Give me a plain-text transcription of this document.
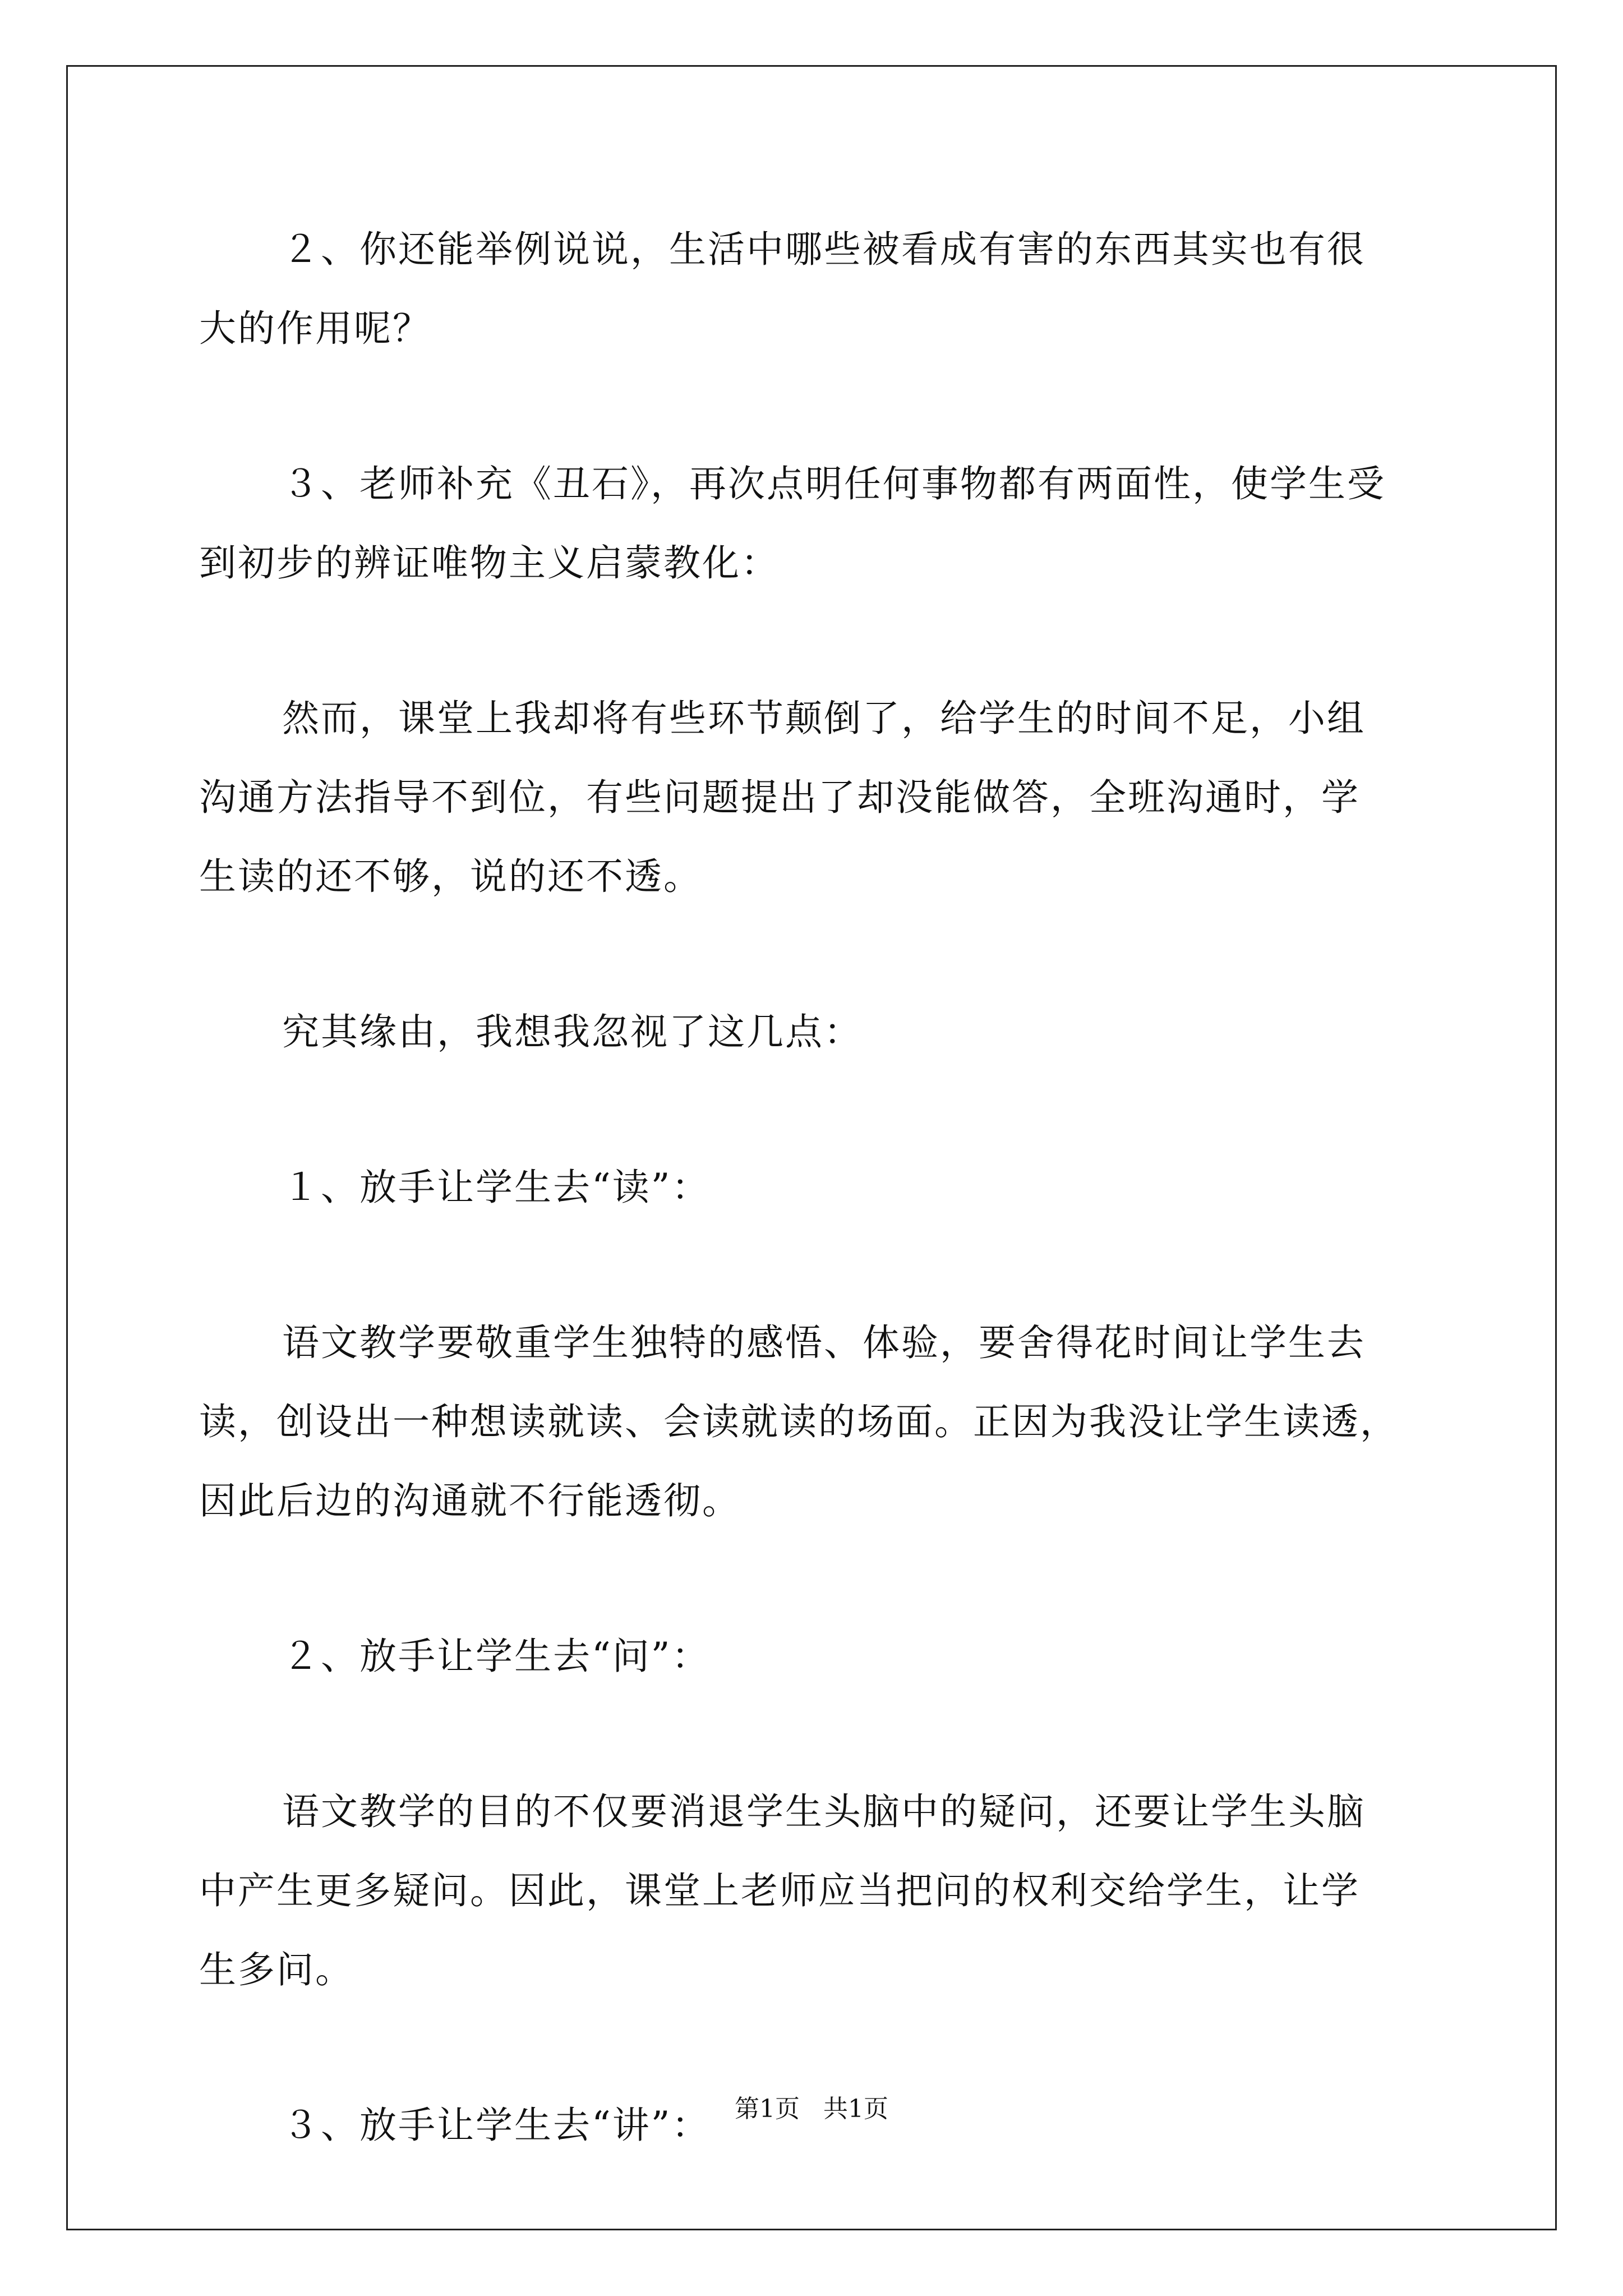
２、你还能举例说说，生活中哪些被看成有害的东西其实也有很
大的作用呢？
３、老师补充《丑石》，再次点明任何事物都有两面性，使学生受
到初步的辨证唯物主义启蒙教化：
然而，课堂上我却将有些环节颠倒了，给学生的时间不足，小组
沟通方法指导不到位，有些问题提出了却没能做答，全班沟通时，学
生读的还不够，说的还不透。
究其缘由，我想我忽视了这几点：
１、放手让学生去“读”：
语文教学要敬重学生独特的感悟、体验，要舍得花时间让学生去
读，创设出一种想读就读、会读就读的场面。正因为我没让学生读透，
因此后边的沟通就不行能透彻。
２、放手让学生去“问”：
语文教学的目的不仅要消退学生头脑中的疑问，还要让学生头脑
中产生更多疑问。因此，课堂上老师应当把问的权利交给学生，让学
生多问。
３、放手让学生去“讲”： 第1页   共1页
